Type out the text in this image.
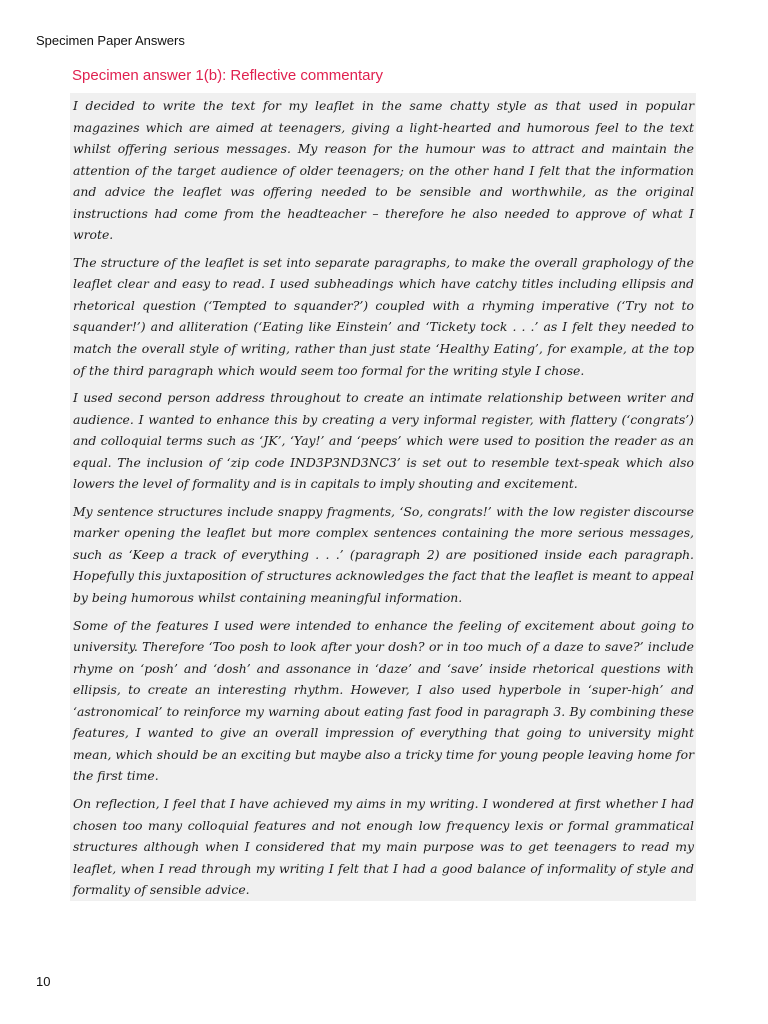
Specimen Paper Answers
Specimen answer 1(b): Reflective commentary

I decided to write the text for my leaflet in the same chatty style as that used in popular magazines which are aimed at teenagers, giving a light-hearted and humorous feel to the text whilst offering serious messages. My reason for the humour was to attract and maintain the attention of the target audience of older teenagers; on the other hand I felt that the information and advice the leaflet was offering needed to be sensible and worthwhile, as the original instructions had come from the headteacher – therefore he also needed to approve of what I wrote.

The structure of the leaflet is set into separate paragraphs, to make the overall graphology of the leaflet clear and easy to read. I used subheadings which have catchy titles including ellipsis and rhetorical question (‘Tempted to squander?’) coupled with a rhyming imperative (‘Try not to squander!’) and alliteration (‘Eating like Einstein’ and ‘Tickety tock . . .’ as I felt they needed to match the overall style of writing, rather than just state ‘Healthy Eating’, for example, at the top of the third paragraph which would seem too formal for the writing style I chose.

I used second person address throughout to create an intimate relationship between writer and audience. I wanted to enhance this by creating a very informal register, with flattery (‘congrats’) and colloquial terms such as ‘JK’, ‘Yay!’ and ‘peeps’ which were used to position the reader as an equal. The inclusion of ‘zip code IND3P3ND3NC3’ is set out to resemble text-speak which also lowers the level of formality and is in capitals to imply shouting and excitement.

My sentence structures include snappy fragments, ‘So, congrats!’ with the low register discourse marker opening the leaflet but more complex sentences containing the more serious messages, such as ‘Keep a track of everything . . .’ (paragraph 2) are positioned inside each paragraph. Hopefully this juxtaposition of structures acknowledges the fact that the leaflet is meant to appeal by being humorous whilst containing meaningful information.

Some of the features I used were intended to enhance the feeling of excitement about going to university. Therefore ‘Too posh to look after your dosh? or in too much of a daze to save?’ include rhyme on ‘posh’ and ‘dosh’ and assonance in ‘daze’ and ‘save’ inside rhetorical questions with ellipsis, to create an interesting rhythm. However, I also used hyperbole in ‘super-high’ and ‘astronomical’ to reinforce my warning about eating fast food in paragraph 3. By combining these features, I wanted to give an overall impression of everything that going to university might mean, which should be an exciting but maybe also a tricky time for young people leaving home for the first time.

On reflection, I feel that I have achieved my aims in my writing. I wondered at first whether I had chosen too many colloquial features and not enough low frequency lexis or formal grammatical structures although when I considered that my main purpose was to get teenagers to read my leaflet, when I read through my writing I felt that I had a good balance of informality of style and formality of sensible advice.

10
